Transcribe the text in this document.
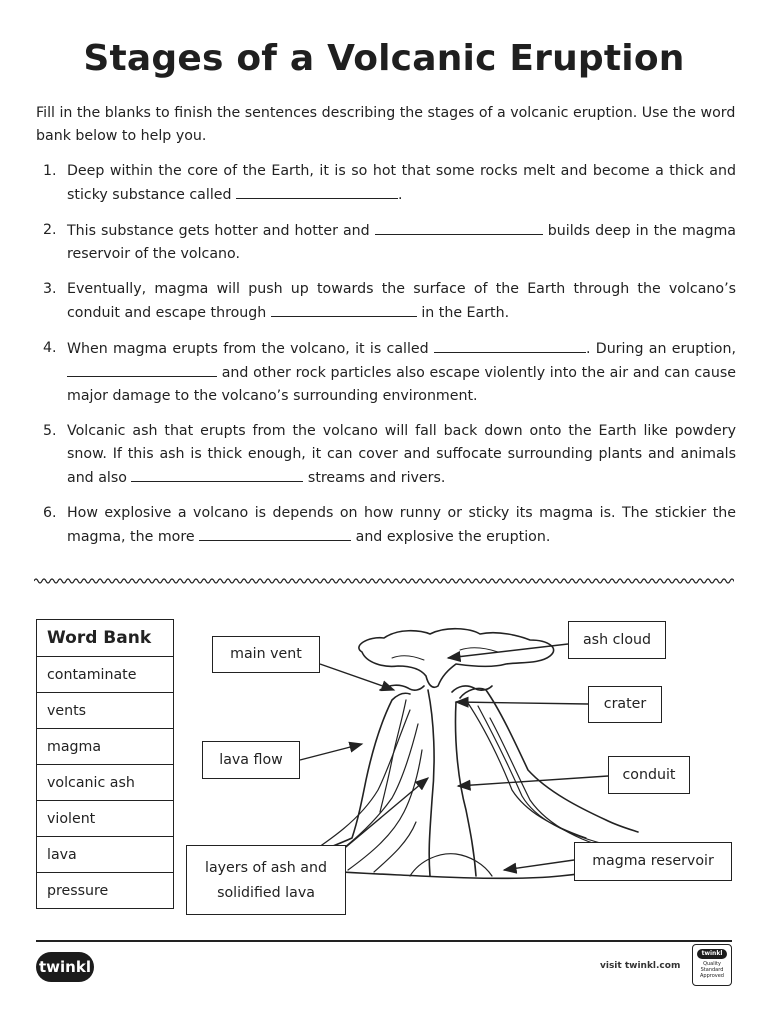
Stages of a Volcanic Eruption
Fill in the blanks to finish the sentences describing the stages of a volcanic eruption. Use the word bank below to help you.
1. Deep within the core of the Earth, it is so hot that some rocks melt and become a thick and sticky substance called	.
2. This substance gets hotter and hotter and	builds deep in the magma reservoir of the volcano.
3. Eventually, magma will push up towards the surface of the Earth through the volcano’s conduit and escape through	in the Earth.
4. When magma erupts from the volcano, it is called	. During an eruption,  and other rock particles also escape violently into the air and can cause major damage to the volcano’s surrounding environment.
5. Volcanic ash that erupts from the volcano will fall back down onto the Earth like powdery snow. If this ash is thick enough, it can cover and suffocate surrounding plants and animals and also	streams and rivers.
6. How explosive a volcano is depends on how runny or sticky its magma is. The stickier the magma, the more	and explosive the eruption.
Word Bank
contaminate
vents
magma
volcanic ash
violent
lava
pressure
main vent
ash cloud
crater
lava flow
conduit
layers of ash and
solidified lava
magma reservoir
twinkl	visit twinkl.com
twinkl
Quality Standard
Approved
